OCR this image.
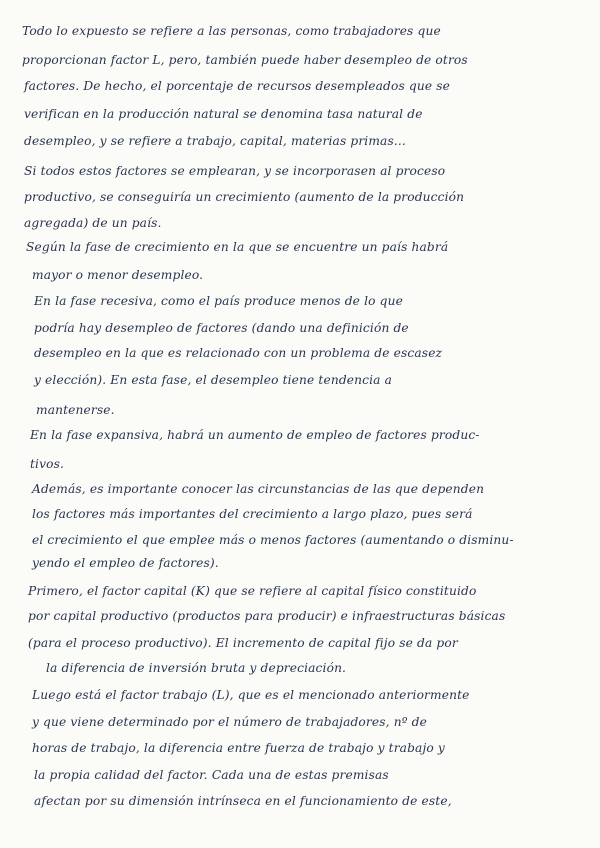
Todo lo expuesto se refiere a las personas, como trabajadores que

proporcionan factor L, pero, también puede haber desempleo de otros

factores. De hecho, el porcentaje de recursos desempleados que se

verifican en la producción natural se denomina tasa natural de

desempleo, y se refiere a trabajo, capital, materias primas...

Si todos estos factores se emplearan, y se incorporasen al proceso

productivo, se conseguiría un crecimiento (aumento de la producción

agregada) de un país.

Según la fase de crecimiento en la que se encuentre un país habrá

mayor o menor desempleo.

En la fase recesiva, como el país produce menos de lo que

podría hay desempleo de factores (dando una definición de

desempleo en la que es relacionado con un problema de escasez

y elección). En esta fase, el desempleo tiene tendencia a

mantenerse.

En la fase expansiva, habrá un aumento de empleo de factores produc-

tivos.

Además, es importante conocer las circunstancias de las que dependen

los factores más importantes del crecimiento a largo plazo, pues será

el crecimiento el que emplee más o menos factores (aumentando o disminu-

yendo el empleo de factores).

Primero, el factor capital (K) que se refiere al capital físico constituido

por capital productivo (productos para producir) e infraestructuras básicas

(para el proceso productivo). El incremento de capital fijo se da por

la diferencia de inversión bruta y depreciación.

Luego está el factor trabajo (L), que es el mencionado anteriormente

y que viene determinado por el número de trabajadores, nº de

horas de trabajo, la diferencia entre fuerza de trabajo y trabajo y

la propia calidad del factor. Cada una de estas premisas

afectan por su dimensión intrínseca en el funcionamiento de este,
